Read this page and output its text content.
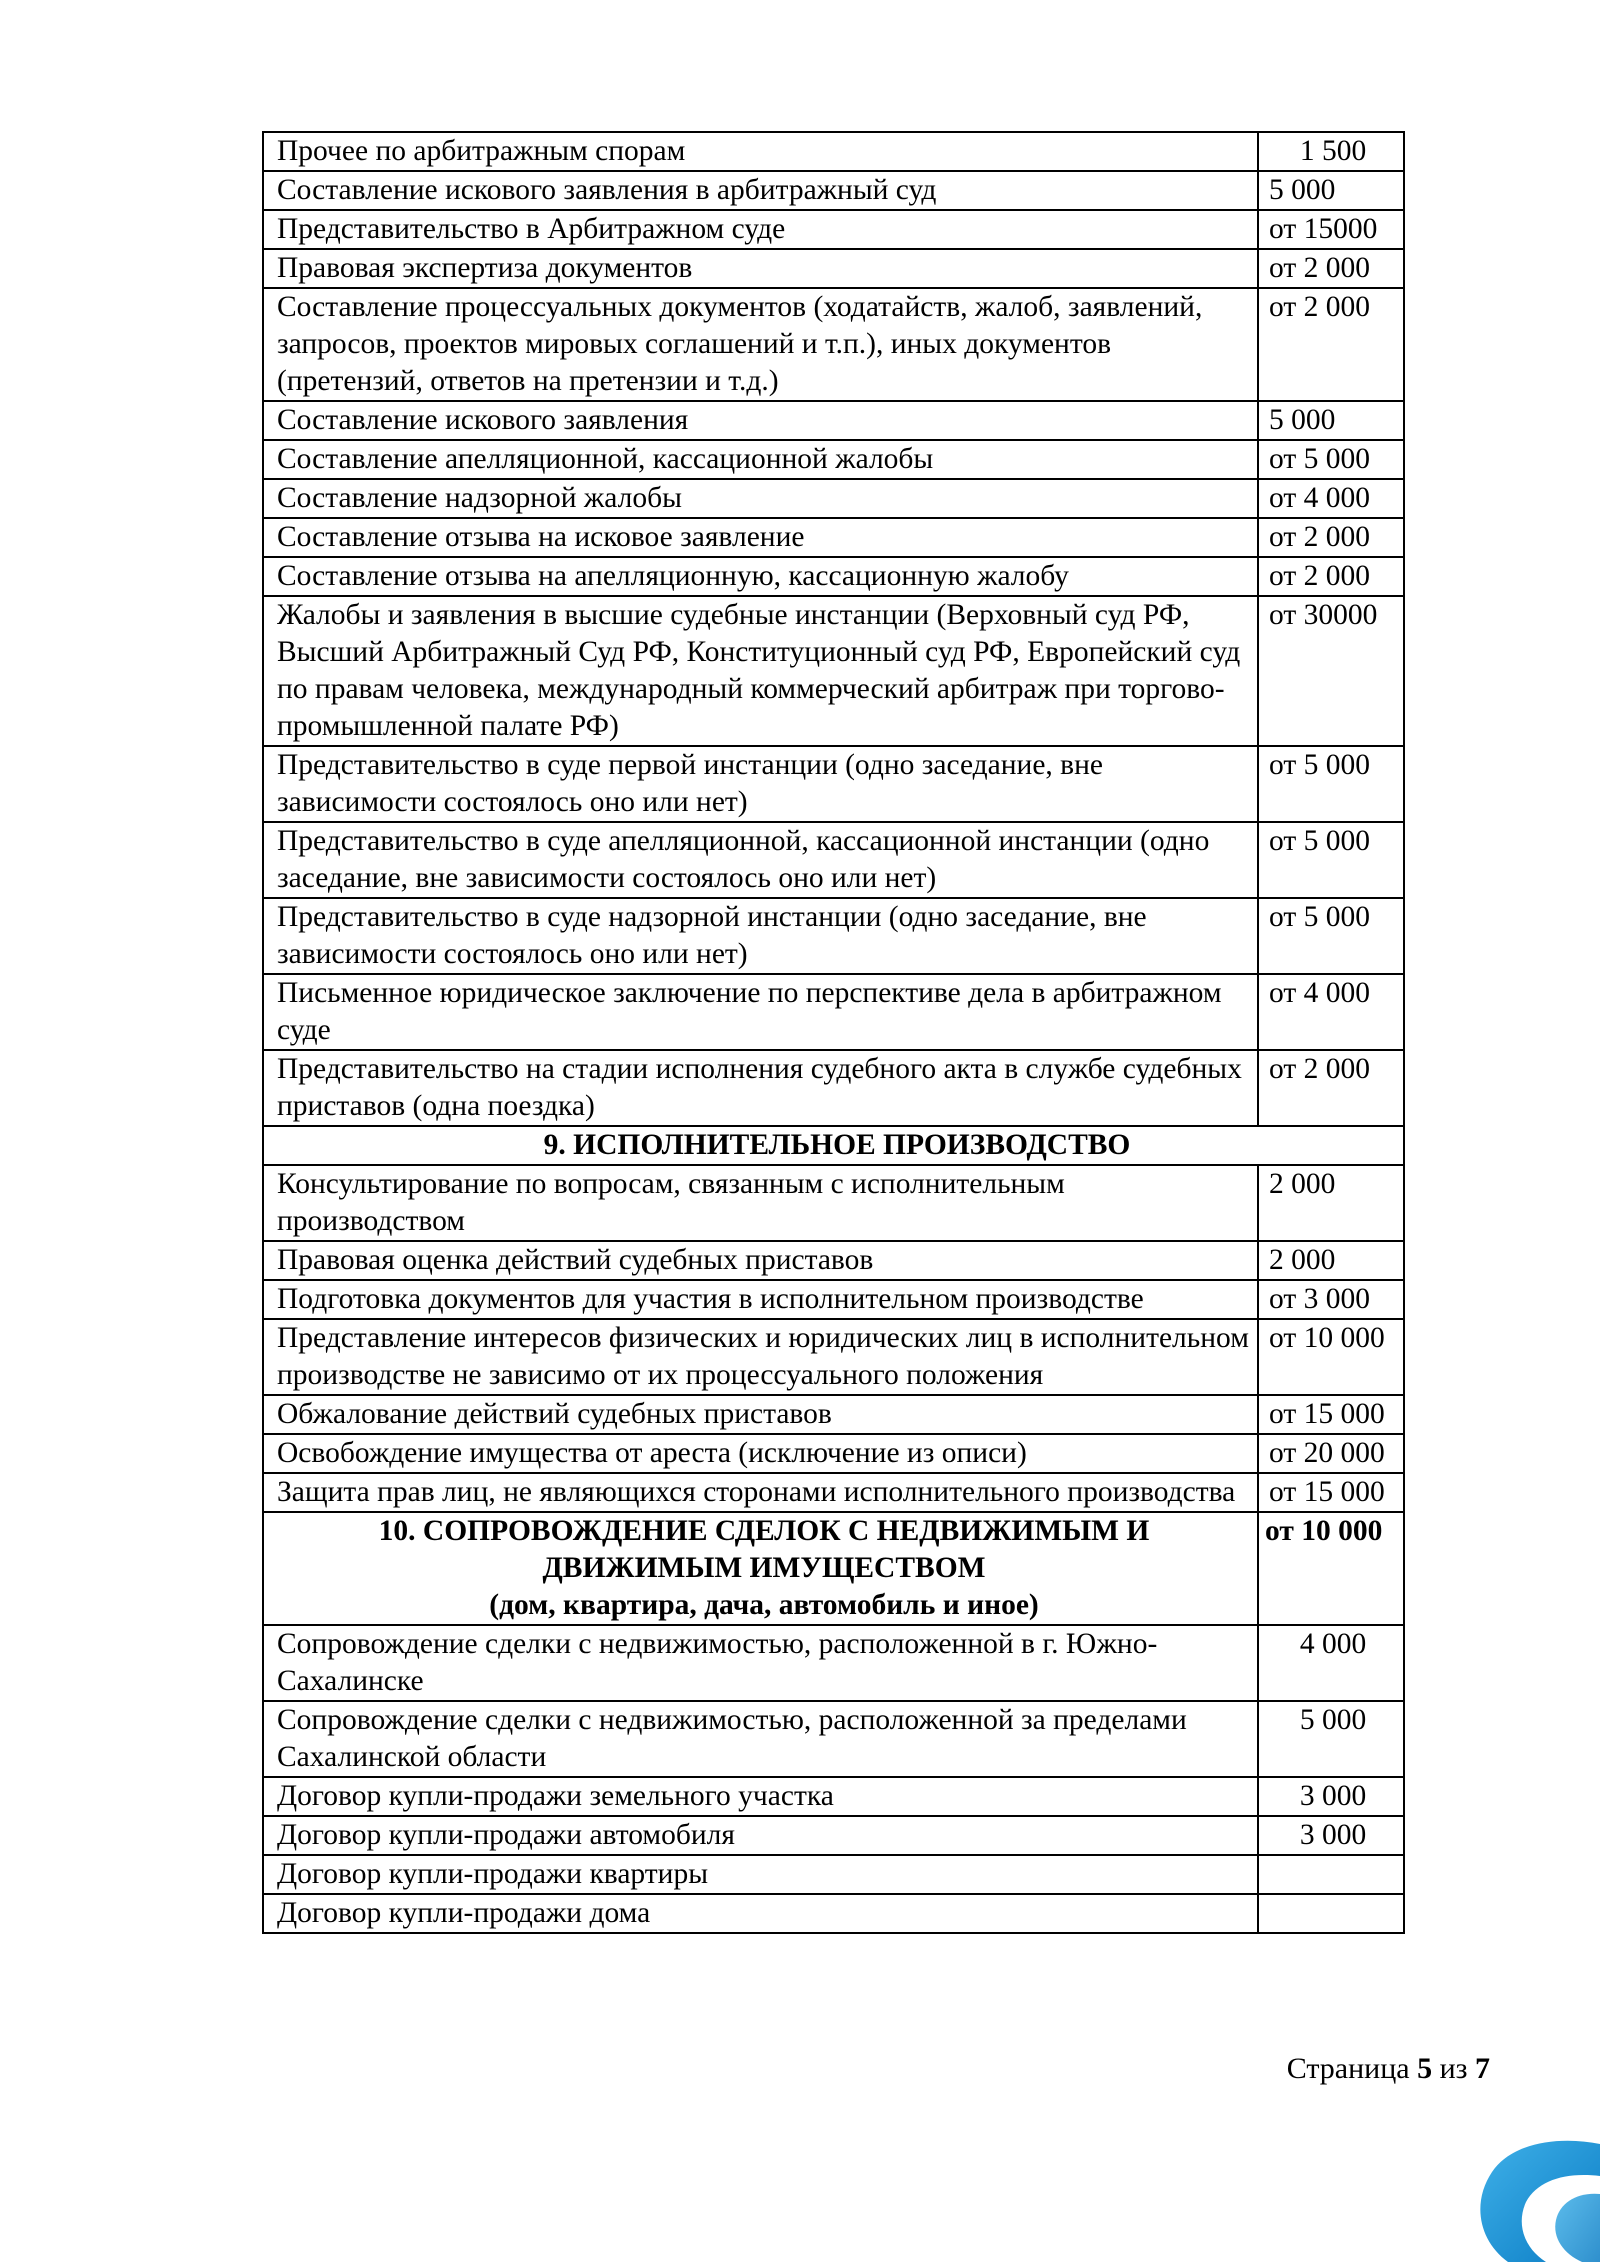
Прочее по арбитражным спорам	1 500
Составление искового заявления в арбитражный суд	5 000
Представительство в Арбитражном суде	от 15000
Правовая экспертиза документов	от 2 000
Составление процессуальных документов (ходатайств, жалоб, заявлений, запросов, проектов мировых соглашений и т.п.), иных документов (претензий, ответов на претензии и т.д.)	от 2 000
Составление искового заявления	5 000
Составление апелляционной, кассационной жалобы	от 5 000
Составление надзорной жалобы	от 4 000
Составление отзыва на исковое заявление	от 2 000
Составление отзыва на апелляционную, кассационную жалобу	от 2 000
Жалобы и заявления в высшие судебные инстанции (Верховный суд РФ, Высший Арбитражный Суд РФ, Конституционный суд РФ, Европейский суд по правам человека, международный коммерческий арбитраж при торгово-промышленной палате РФ)	от 30000
Представительство в суде первой инстанции (одно заседание, вне зависимости состоялось оно или нет)	от 5 000
Представительство в суде апелляционной, кассационной инстанции (одно заседание, вне зависимости состоялось оно или нет)	от 5 000
Представительство в суде надзорной инстанции (одно заседание, вне зависимости состоялось оно или нет)	от 5 000
Письменное юридическое заключение по перспективе дела в арбитражном суде	от 4 000
Представительство на стадии исполнения судебного акта в службе судебных приставов (одна поездка)	от 2 000
9. ИСПОЛНИТЕЛЬНОЕ ПРОИЗВОДСТВО	
Консультирование по вопросам, связанным с исполнительным производством	2 000
Правовая оценка действий судебных приставов	2 000
Подготовка документов для участия в исполнительном производстве	от 3 000
Представление интересов физических и юридических лиц в исполнительном производстве не зависимо от их процессуального положения	от 10 000
Обжалование действий судебных приставов	от 15 000
Освобождение имущества от ареста (исключение из описи)	от 20 000
Защита прав лиц, не являющихся сторонами исполнительного производства	от 15 000

10. СОПРОВОЖДЕНИЕ СДЕЛОК С НЕДВИЖИМЫМ И ДВИЖИМЫМ ИМУЩЕСТВОМ
(дом, квартира, дача, автомобиль и иное)	от 10 000
Сопровождение сделки с недвижимостью, расположенной в г. Южно-Сахалинске	4 000
Сопровождение сделки с недвижимостью, расположенной за пределами Сахалинской области	5 000
Договор купли-продажи земельного участка	3 000
Договор купли-продажи автомобиля	3 000
Договор купли-продажи квартиры	
Договор купли-продажи дома	
Страница 5 из 7
